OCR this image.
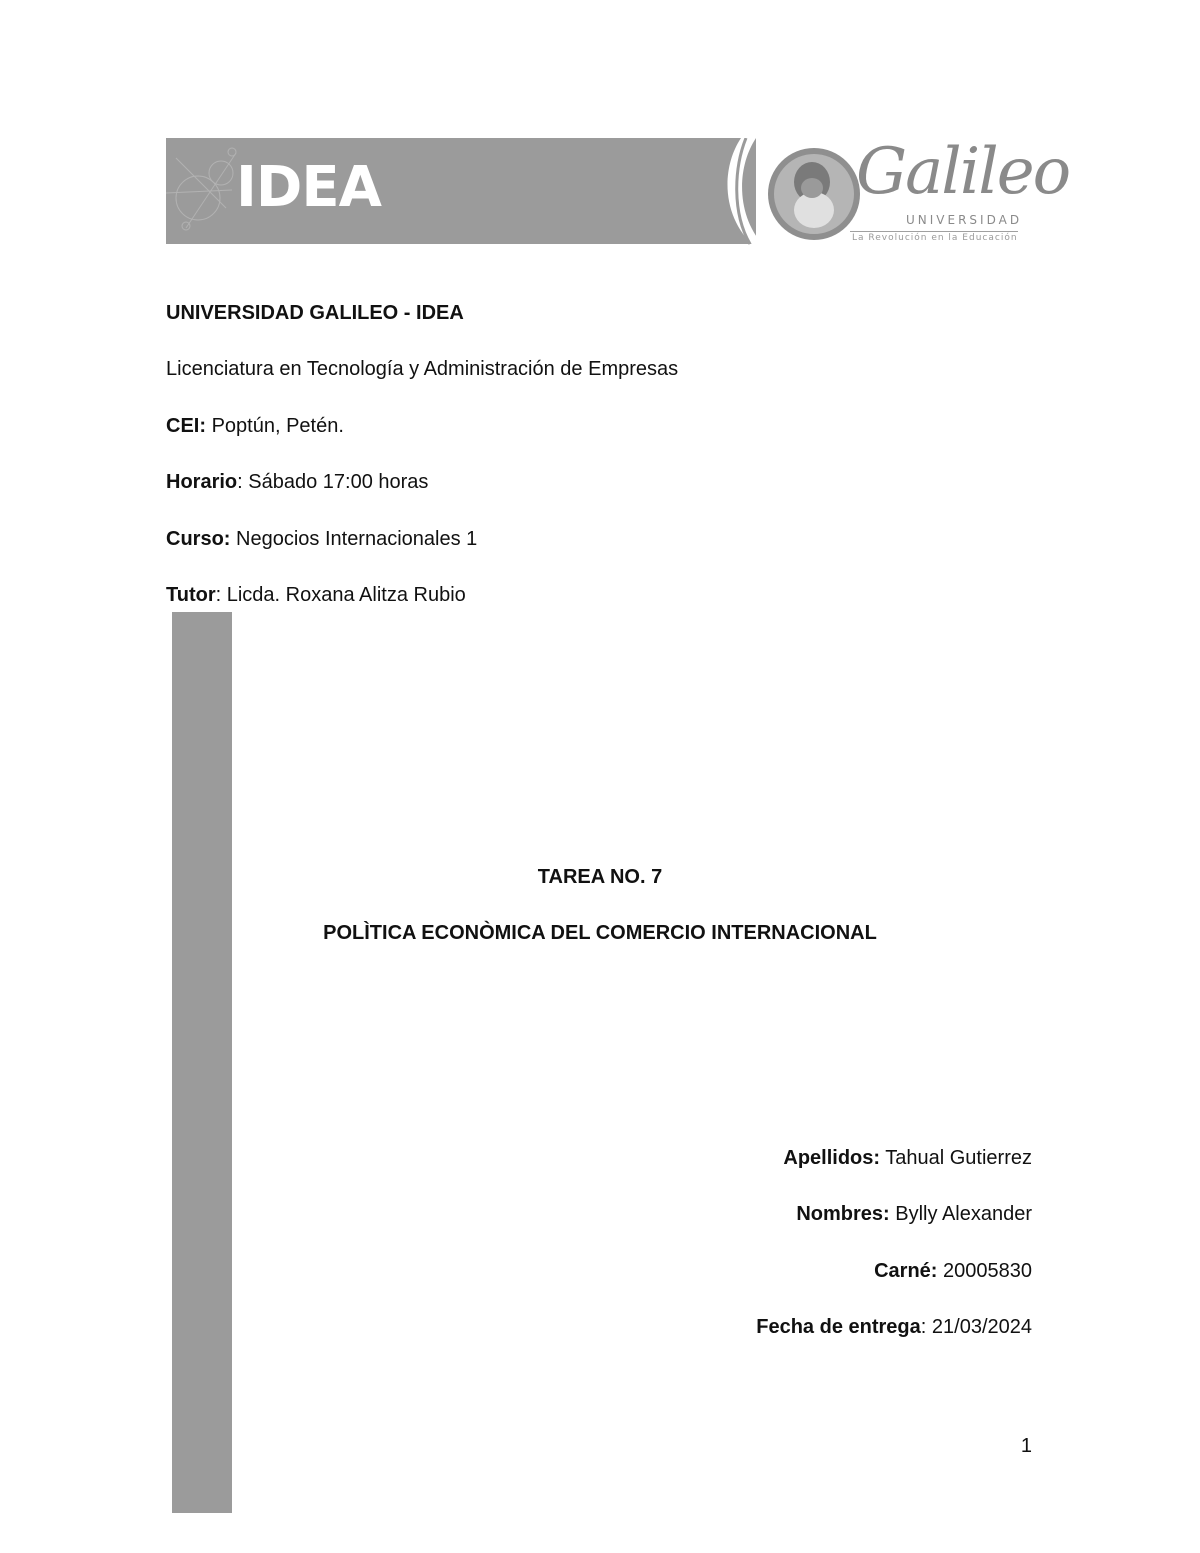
IDEA	Galileo
UNIVERSIDAD
La Revolución en la Educación
UNIVERSIDAD GALILEO - IDEA
Licenciatura en Tecnología y Administración de Empresas
CEI: Poptún, Petén.
Horario: Sábado 17:00 horas
Curso: Negocios Internacionales 1
Tutor: Licda. Roxana Alitza Rubio
TAREA NO. 7
POLÌTICA ECONÒMICA DEL COMERCIO INTERNACIONAL
Apellidos: Tahual Gutierrez
Nombres: Bylly Alexander
Carné: 20005830
Fecha de entrega: 21/03/2024
1
